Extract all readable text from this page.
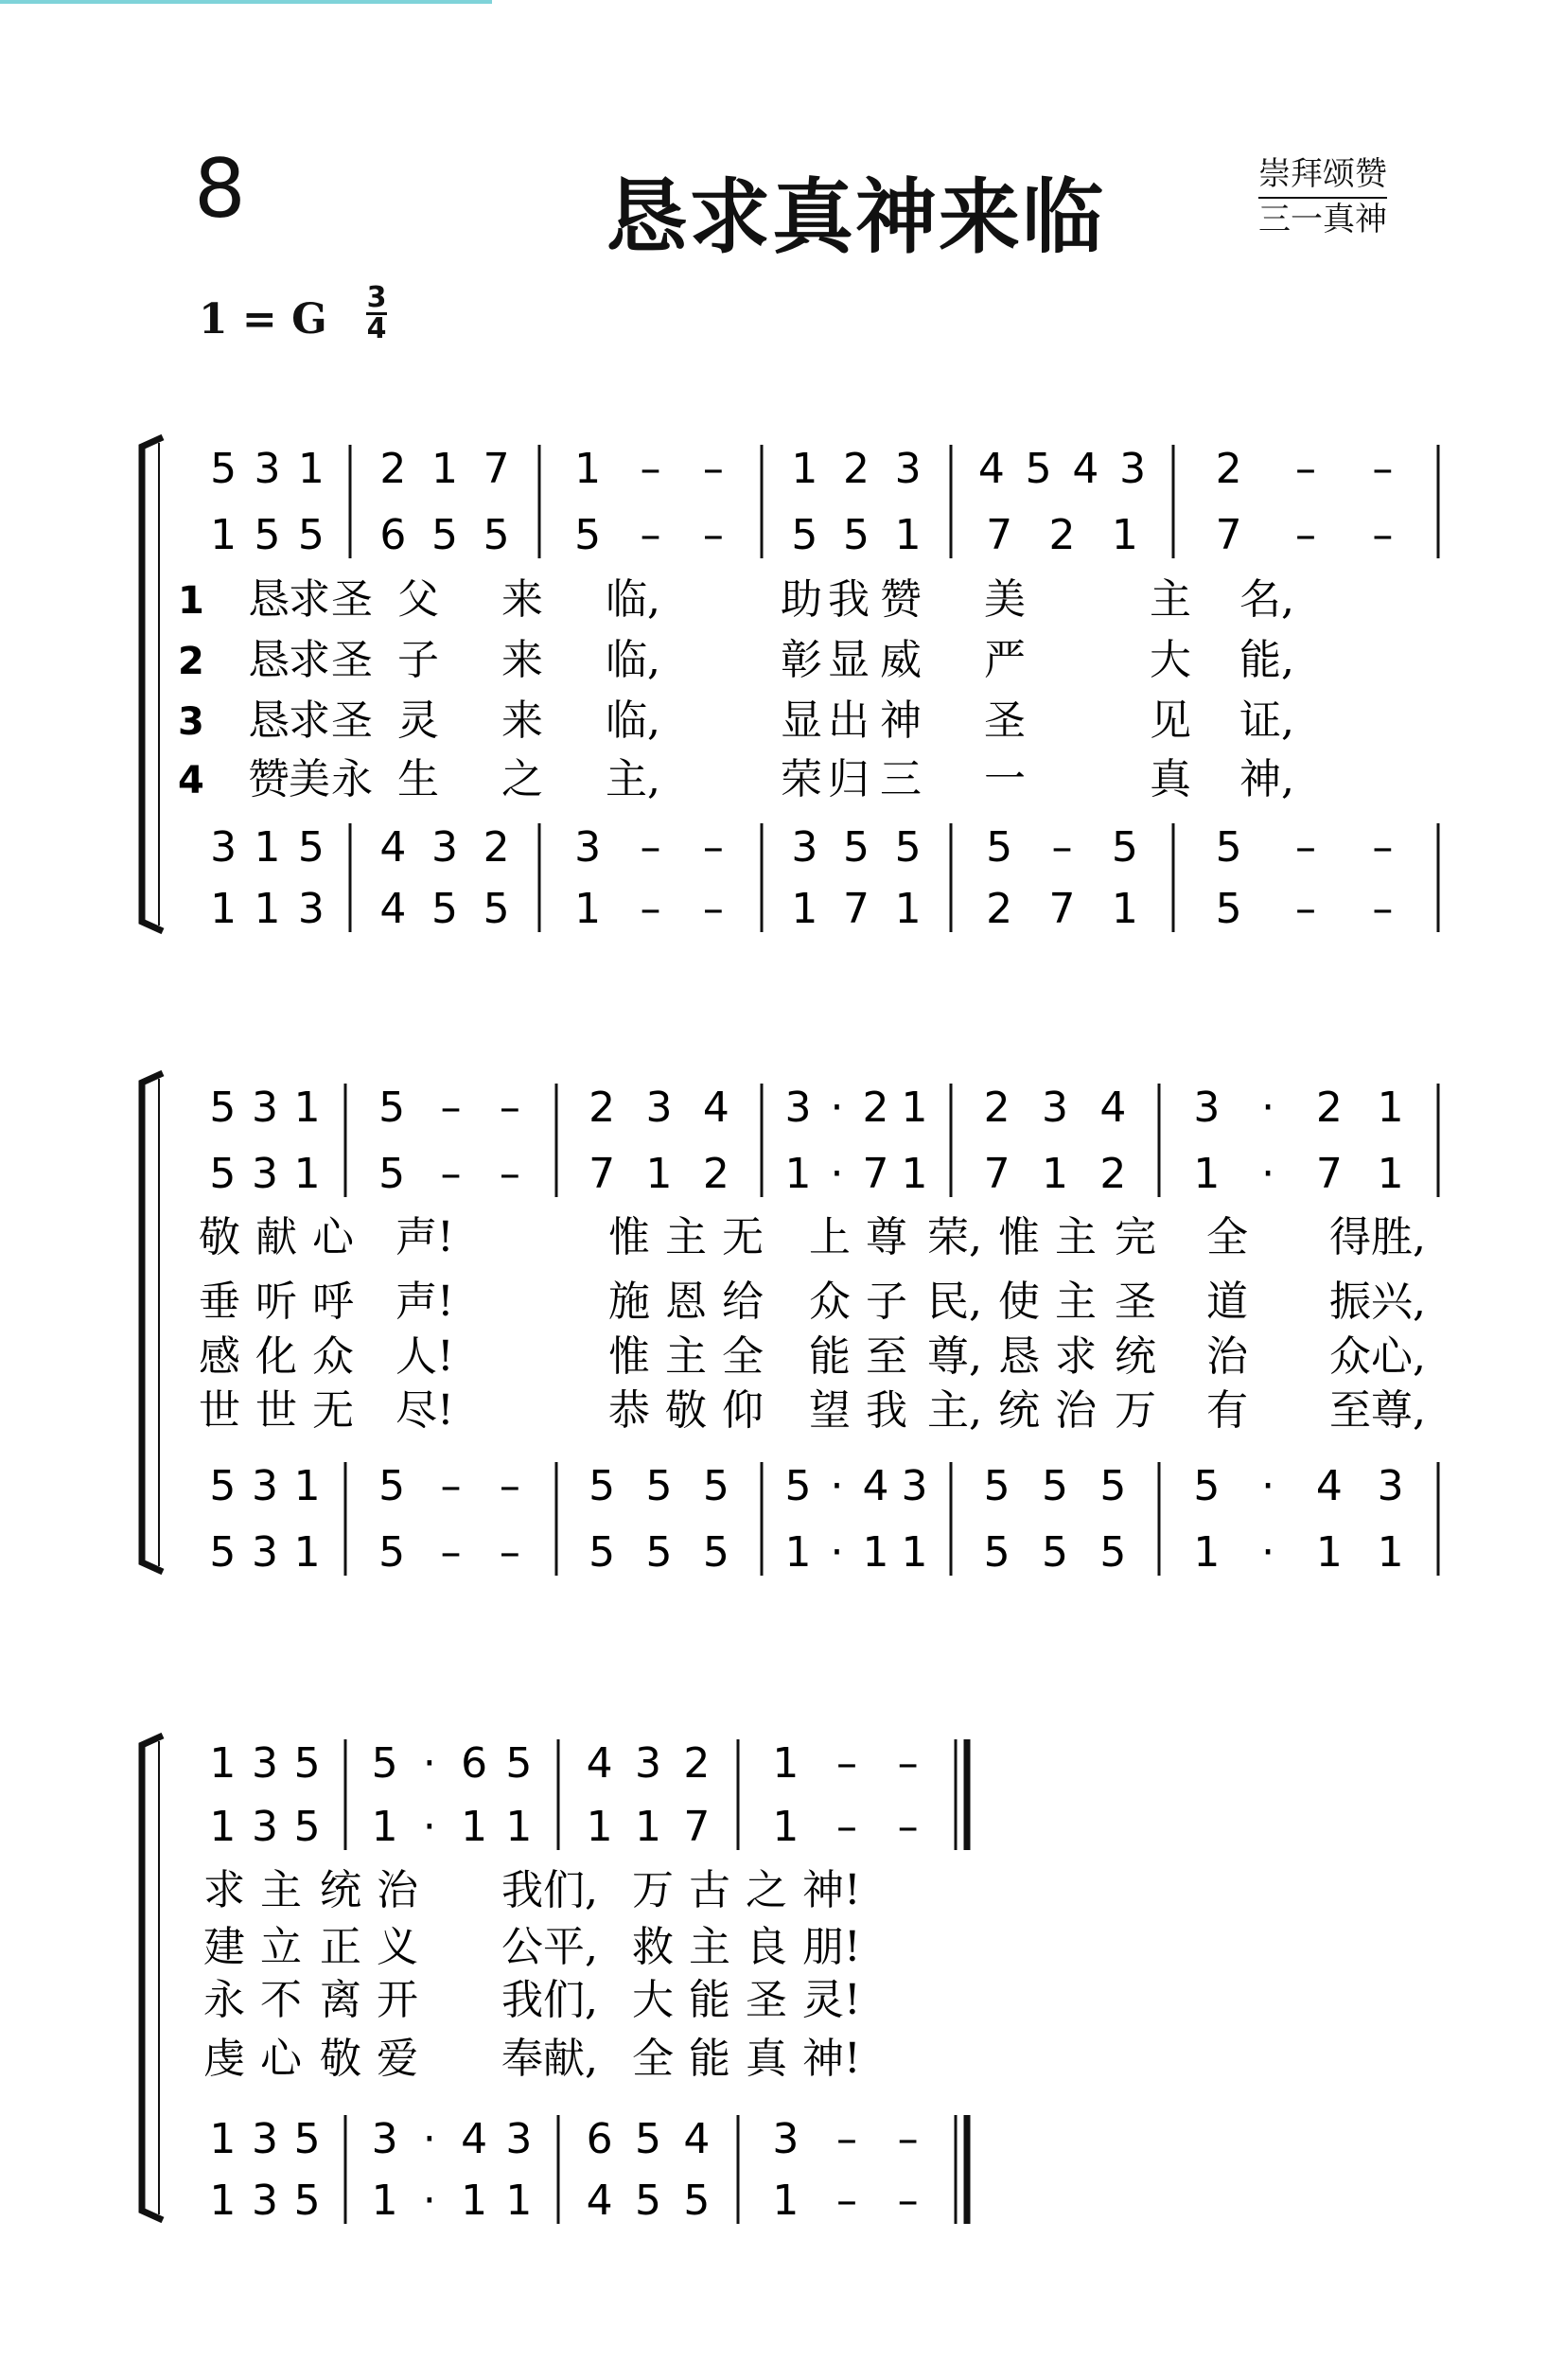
8	恳求真神来临	崇拜颂赞
三一真神
1 = G $\frac{3}{4}$
5 3 1 2 1 7 1 – – 1 2 3 4 5 4 3 2 – –
1 5 5 6 5 5 5 – – 5 5 1 7 2 1 7 – –
3 1 5 4 3 2 3 – – 3 5 5 5 – 5 5 – –
1 1 3 4 5 5 1 – – 1 7 1 2 7 1 5 – –
1 恳 求 圣 父 来 临,	助 我 赞 美	主 名,
2 恳 求 圣 子 来 临,	彰 显 威 严	大 能,
3 恳 求 圣 灵 来 临,	显 出 神 圣	见 证,
4 赞 美 永 生 之 主,	荣 归 三 一	真 神,
5 3 1 5 – – 2 3 4 3 · 2 1 2 3 4 3 · 2 1
5 3 1 5 – – 7 1 2 1 · 7 1 7 1 2 1 · 7 1
5 3 1 5 – – 5 5 5 5 · 4 3 5 5 5 5 · 4 3
5 3 1 5 – – 5 5 5 1 · 1 1 5 5 5 1 · 1 1
敬 献 心 声!	惟 主 无 上 尊 荣, 惟 主 完 全 得胜,
垂 听 呼 声!	施 恩 给 众 子 民, 使 主 圣 道 振兴,
感 化 众 人!	惟 主 全 能 至 尊, 恳 求 统 治 众心,
世 世 无 尽!	恭 敬 仰 望 我 主, 统 治 万 有 至尊,
1 3 5 5 · 6 5 4 3 2 1 – –
1 3 5 1 · 1 1 1 1 7 1 – –
1 3 5 3 · 4 3 6 5 4 3 – –
1 3 5 1 · 1 1 4 5 5 1 – –
求 主 统 治 我们, 万 古 之 神!
建 立 正 义 公平, 救 主 良 朋!
永 不 离 开 我们, 大 能 圣 灵!
虔 心 敬 爱 奉献, 全 能 真 神!
